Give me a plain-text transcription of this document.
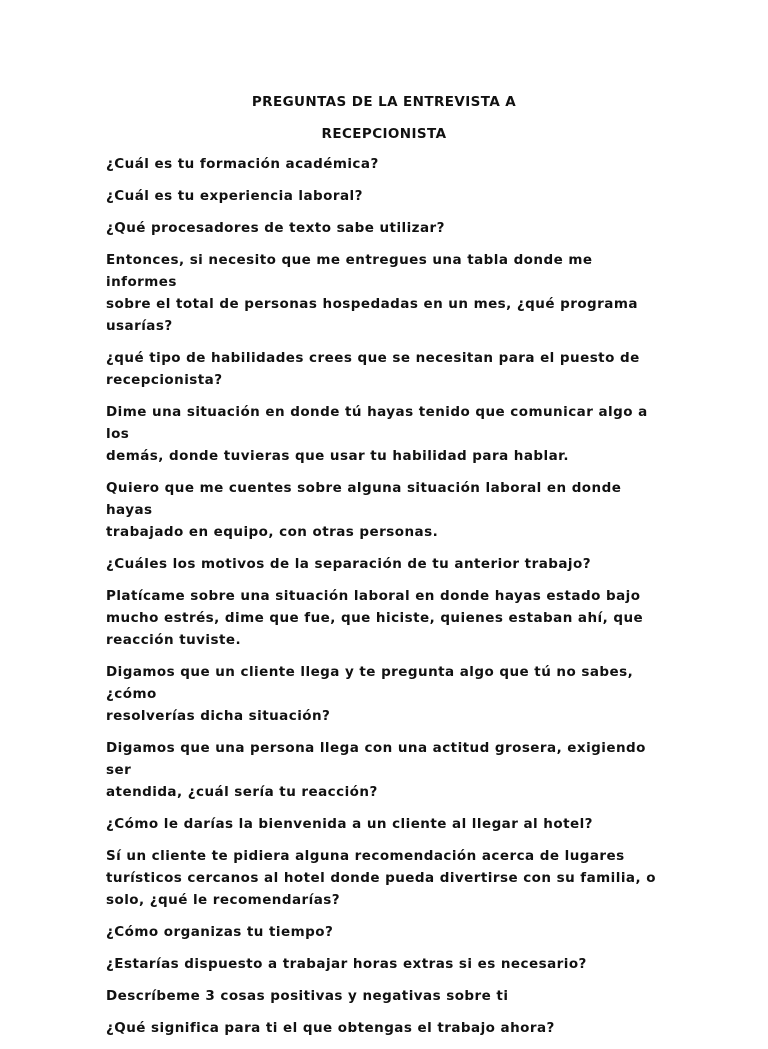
PREGUNTAS DE LA ENTREVISTA A
RECEPCIONISTA

¿Cuál es tu formación académica?

¿Cuál es tu experiencia laboral?

¿Qué procesadores de texto sabe utilizar?

Entonces, si necesito que me entregues una tabla donde me informes
sobre el total de personas hospedadas en un mes, ¿qué programa
usarías?

¿qué tipo de habilidades crees que se necesitan para el puesto de
recepcionista?

Dime una situación en donde tú hayas tenido que comunicar algo a los
demás, donde tuvieras que usar tu habilidad para hablar.

Quiero que me cuentes sobre alguna situación laboral en donde hayas
trabajado en equipo, con otras personas.

¿Cuáles los motivos de la separación de tu anterior trabajo?

Platícame sobre una situación laboral en donde hayas estado bajo
mucho estrés, dime que fue, que hiciste, quienes estaban ahí, que
reacción tuviste.

Digamos que un cliente llega y te pregunta algo que tú no sabes, ¿cómo
resolverías dicha situación?

Digamos que una persona llega con una actitud grosera, exigiendo ser
atendida, ¿cuál sería tu reacción?

¿Cómo le darías la bienvenida a un cliente al llegar al hotel?

Sí un cliente te pidiera alguna recomendación acerca de lugares
turísticos cercanos al hotel donde pueda divertirse con su familia, o
solo, ¿qué le recomendarías?

¿Cómo organizas tu tiempo?

¿Estarías dispuesto a trabajar horas extras si es necesario?

Descríbeme 3 cosas positivas y negativas sobre ti

¿Qué significa para ti el que obtengas el trabajo ahora?
